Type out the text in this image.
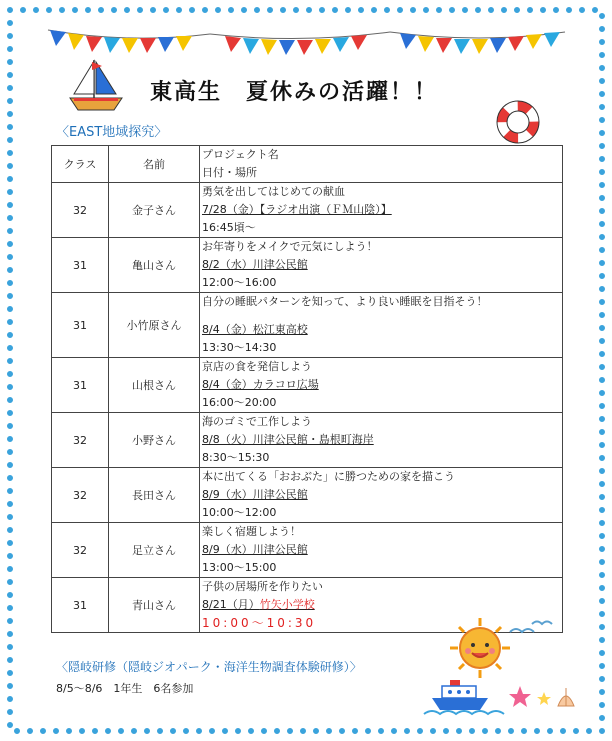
東高生　夏休みの活躍！！
〈EAST地域探究〉
クラス	名前	プロジェクト名
日付・場所

32	金子さん	勇気を出してはじめての献血
7/28（金）【ラジオ出演（ＦＭ山陰）】
16:45頃～

31	亀山さん	お年寄りをメイクで元気にしよう！
8/2（水）川津公民館
12:00～16:00

31	小竹原さん	自分の睡眠パターンを知って、より良い睡眠を目指そう！
8/4（金）松江東高校
13:30～14:30

31	山根さん	京店の食を発信しよう
8/4（金）カラコロ広場
16:00～20:00

32	小野さん	海のゴミで工作しよう
8/8（火）川津公民館・島根町海岸
8:30～15:30

32	長田さん	本に出てくる「おおぶた」に勝つための家を描こう
8/9（水）川津公民館
10:00～12:00

32	足立さん	楽しく宿題しよう！
8/9（水）川津公民館
13:00～15:00

31	青山さん	子供の居場所を作りたい
8/21（月）竹矢小学校
10:00～10:30
〈隠岐研修（隠岐ジオパーク・海洋生物調査体験研修）〉
8/5～8/6　1年生　6名参加
